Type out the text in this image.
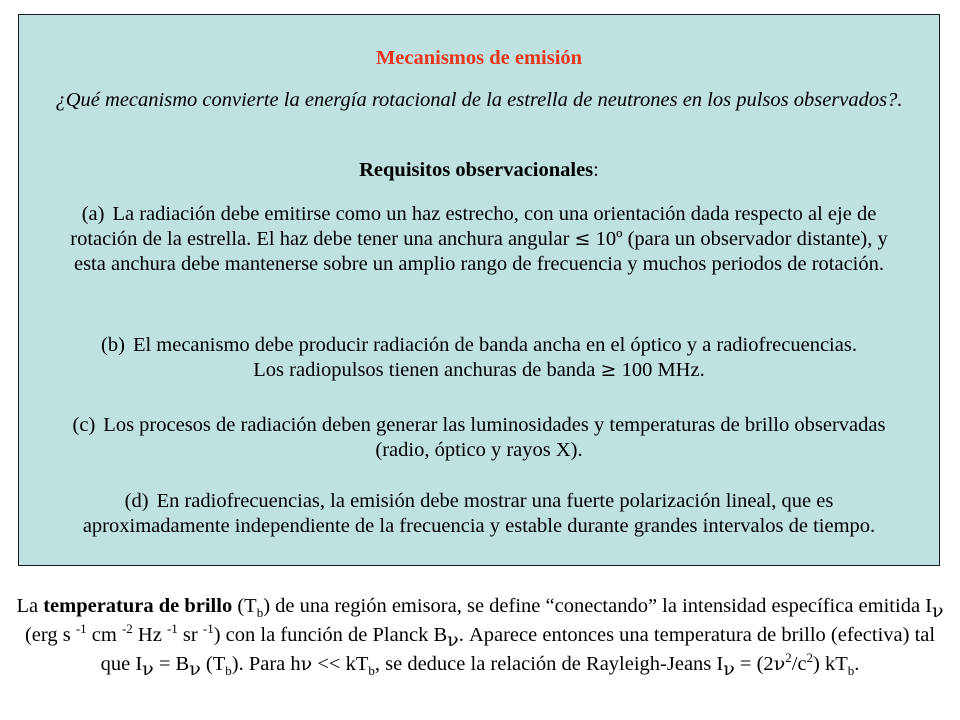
Mecanismos de emisión

¿Qué mecanismo convierte la energía rotacional de la estrella de neutrones en los pulsos observados?.

Requisitos observacionales:

(a) La radiación debe emitirse como un haz estrecho, con una orientación dada respecto al eje de rotación de la estrella. El haz debe tener una anchura angular ≤ 10º (para un observador distante), y esta anchura debe mantenerse sobre un amplio rango de frecuencia y muchos periodos de rotación.

(b) El mecanismo debe producir radiación de banda ancha en el óptico y a radiofrecuencias. Los radiopulsos tienen anchuras de banda ≥ 100 MHz.

(c) Los procesos de radiación deben generar las luminosidades y temperaturas de brillo observadas (radio, óptico y rayos X).

(d) En radiofrecuencias, la emisión debe mostrar una fuerte polarización lineal, que es aproximadamente independiente de la frecuencia y estable durante grandes intervalos de tiempo.

La temperatura de brillo $(T_b)$ de una región emisora, se define “conectando” la intensidad específica emitida $I_\nu$ (erg s $^{-1}$ cm $^{-2}$ Hz $^{-1}$ sr $^{-1}$) con la función de Planck $B_\nu$. Aparece entonces una temperatura de brillo (efectiva) tal que $I_\nu = B_\nu$ $(T_b)$. Para $h\nu << kT_b$, se deduce la relación de Rayleigh-Jeans $I_\nu = (2\nu^2/c^2)$ $kT_b$.
